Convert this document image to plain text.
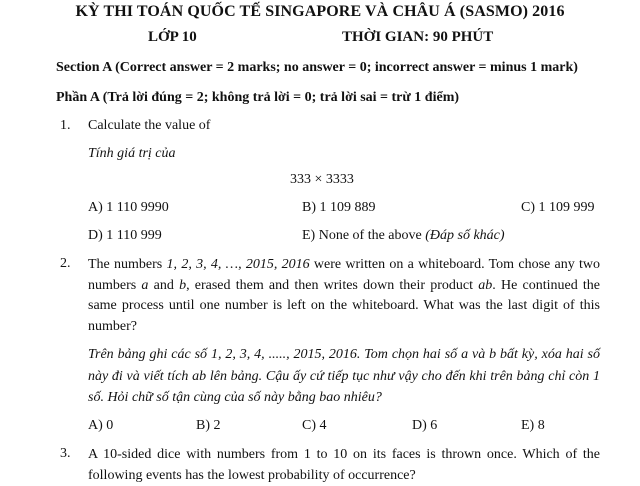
KỲ THI TOÁN QUỐC TẾ SINGAPORE VÀ CHÂU Á (SASMO) 2016
LỚP 10	THỜI GIAN: 90 PHÚT
Section A (Correct answer = 2 marks; no answer = 0; incorrect answer = minus 1 mark)
Phần A (Trả lời đúng = 2; không trả lời = 0; trả lời sai = trừ 1 điểm)
1. Calculate the value of
Tính giá trị của
333 × 3333
A) 1 110 9990	B) 1 109 889	C) 1 109 999
D) 1 110 999	E) None of the above (Đáp số khác)
2. The numbers 1, 2, 3, 4, …, 2015, 2016 were written on a whiteboard. Tom chose any two numbers a and b, erased them and then writes down their product ab. He continued the same process until one number is left on the whiteboard. What was the last digit of this number?
Trên bảng ghi các số 1, 2, 3, 4, ....., 2015, 2016. Tom chọn hai số a và b bất kỳ, xóa hai số này đi và viết tích ab lên bảng. Cậu ấy cứ tiếp tục như vậy cho đến khi trên bảng chỉ còn 1 số. Hỏi chữ số tận cùng của số này bằng bao nhiêu?
A) 0	B) 2	C) 4	D) 6	E) 8
3. A 10-sided dice with numbers from 1 to 10 on its faces is thrown once. Which of the following events has the lowest probability of occurrence?
